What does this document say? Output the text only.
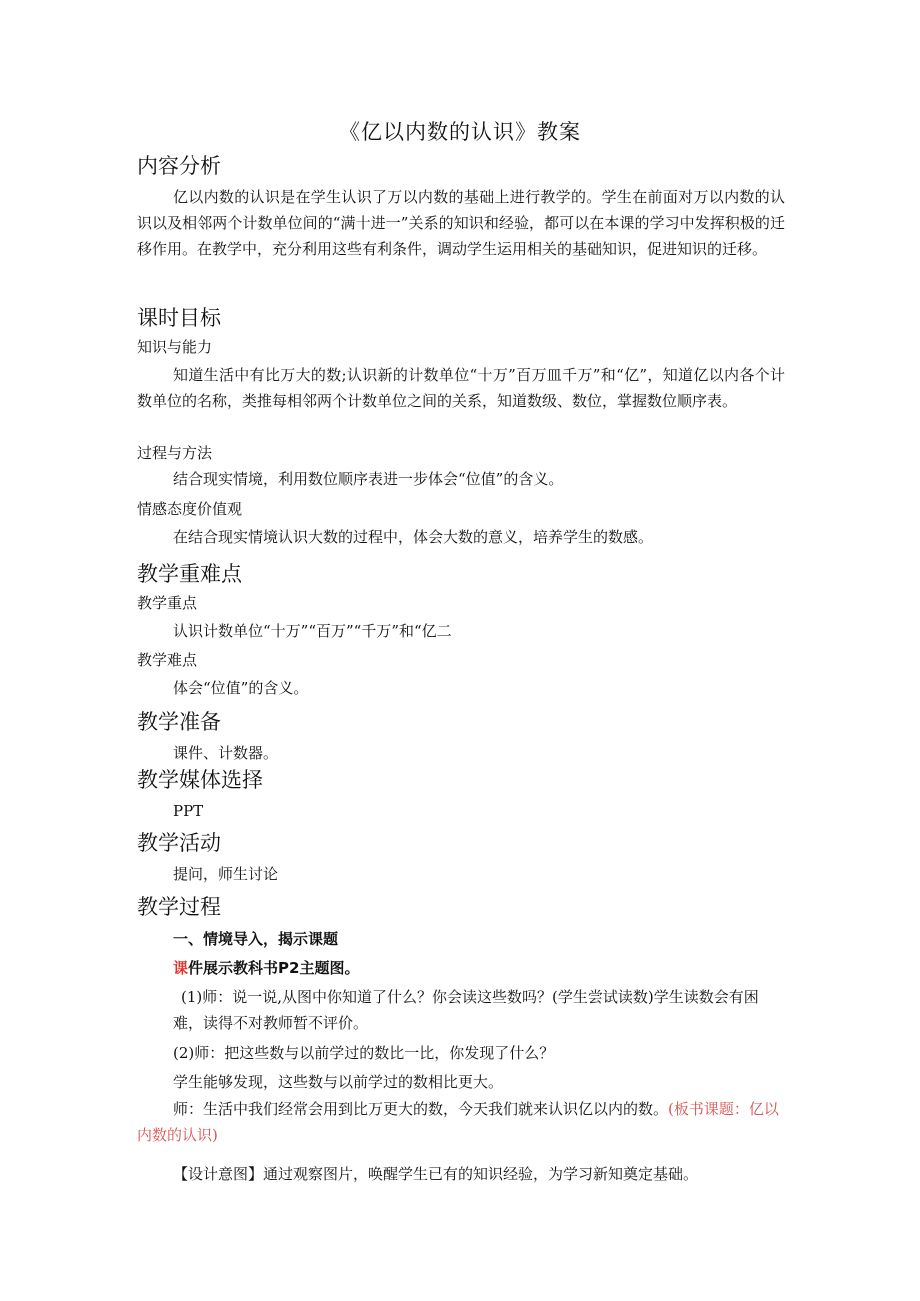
《亿以内数的认识》教案
内容分析
亿以内数的认识是在学生认识了万以内数的基础上进行教学的。学生在前面对万以内数的认识以及相邻两个计数单位间的“满十进一”关系的知识和经验，都可以在本课的学习中发挥积极的迁移作用。在教学中，充分利用这些有利条件，调动学生运用相关的基础知识，促进知识的迁移。
课时目标
知识与能力
知道生活中有比万大的数;认识新的计数单位“十万”百万皿千万”和“亿”，知道亿以内各个计数单位的名称，类推每相邻两个计数单位之间的关系，知道数级、数位，掌握数位顺序表。
过程与方法
结合现实情境，利用数位顺序表进一步体会“位值”的含义。
情感态度价值观
在结合现实情境认识大数的过程中，体会大数的意义，培养学生的数感。
教学重难点
教学重点
认识计数单位“十万”“百万”“千万”和“亿二
教学难点
体会“位值”的含义。
教学准备
课件、计数器。
教学媒体选择
PPT
教学活动
提问，师生讨论
教学过程
一、情境导入，揭示课题
课件展示教科书P2主题图。
(1)师：说一说,从图中你知道了什么？你会读这些数吗？(学生尝试读数)学生读数会有困难，读得不对教师暂不评价。
(2)师：把这些数与以前学过的数比一比，你发现了什么？
学生能够发现，这些数与以前学过的数相比更大。
师：生活中我们经常会用到比万更大的数，今天我们就来认识亿以内的数。(板书课题：亿以内数的认识)
【设计意图】通过观察图片，唤醒学生已有的知识经验，为学习新知奠定基础。
